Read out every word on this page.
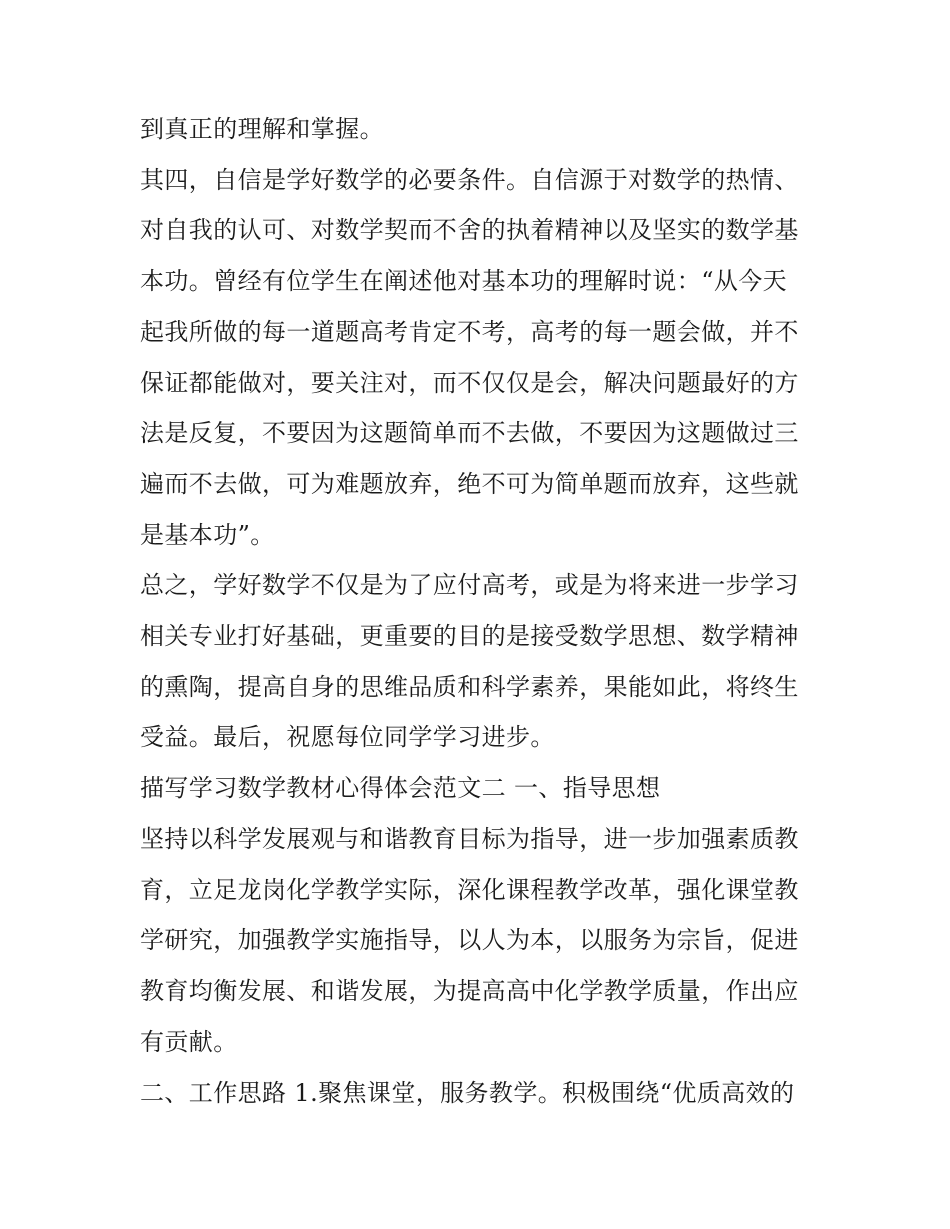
到真正的理解和掌握。
其四，自信是学好数学的必要条件。自信源于对数学的热情、
对自我的认可、对数学契而不舍的执着精神以及坚实的数学基
本功。曾经有位学生在阐述他对基本功的理解时说：“从今天
起我所做的每一道题高考肯定不考，高考的每一题会做，并不
保证都能做对，要关注对，而不仅仅是会，解决问题最好的方
法是反复，不要因为这题简单而不去做，不要因为这题做过三
遍而不去做，可为难题放弃，绝不可为简单题而放弃，这些就
是基本功”。
总之，学好数学不仅是为了应付高考，或是为将来进一步学习
相关专业打好基础，更重要的目的是接受数学思想、数学精神
的熏陶，提高自身的思维品质和科学素养，果能如此，将终生
受益。最后，祝愿每位同学学习进步。
描写学习数学教材心得体会范文二 一、指导思想
坚持以科学发展观与和谐教育目标为指导，进一步加强素质教
育，立足龙岗化学教学实际，深化课程教学改革，强化课堂教
学研究，加强教学实施指导，以人为本，以服务为宗旨，促进
教育均衡发展、和谐发展，为提高高中化学教学质量，作出应
有贡献。
二、工作思路 1.聚焦课堂，服务教学。积极围绕“优质高效的
